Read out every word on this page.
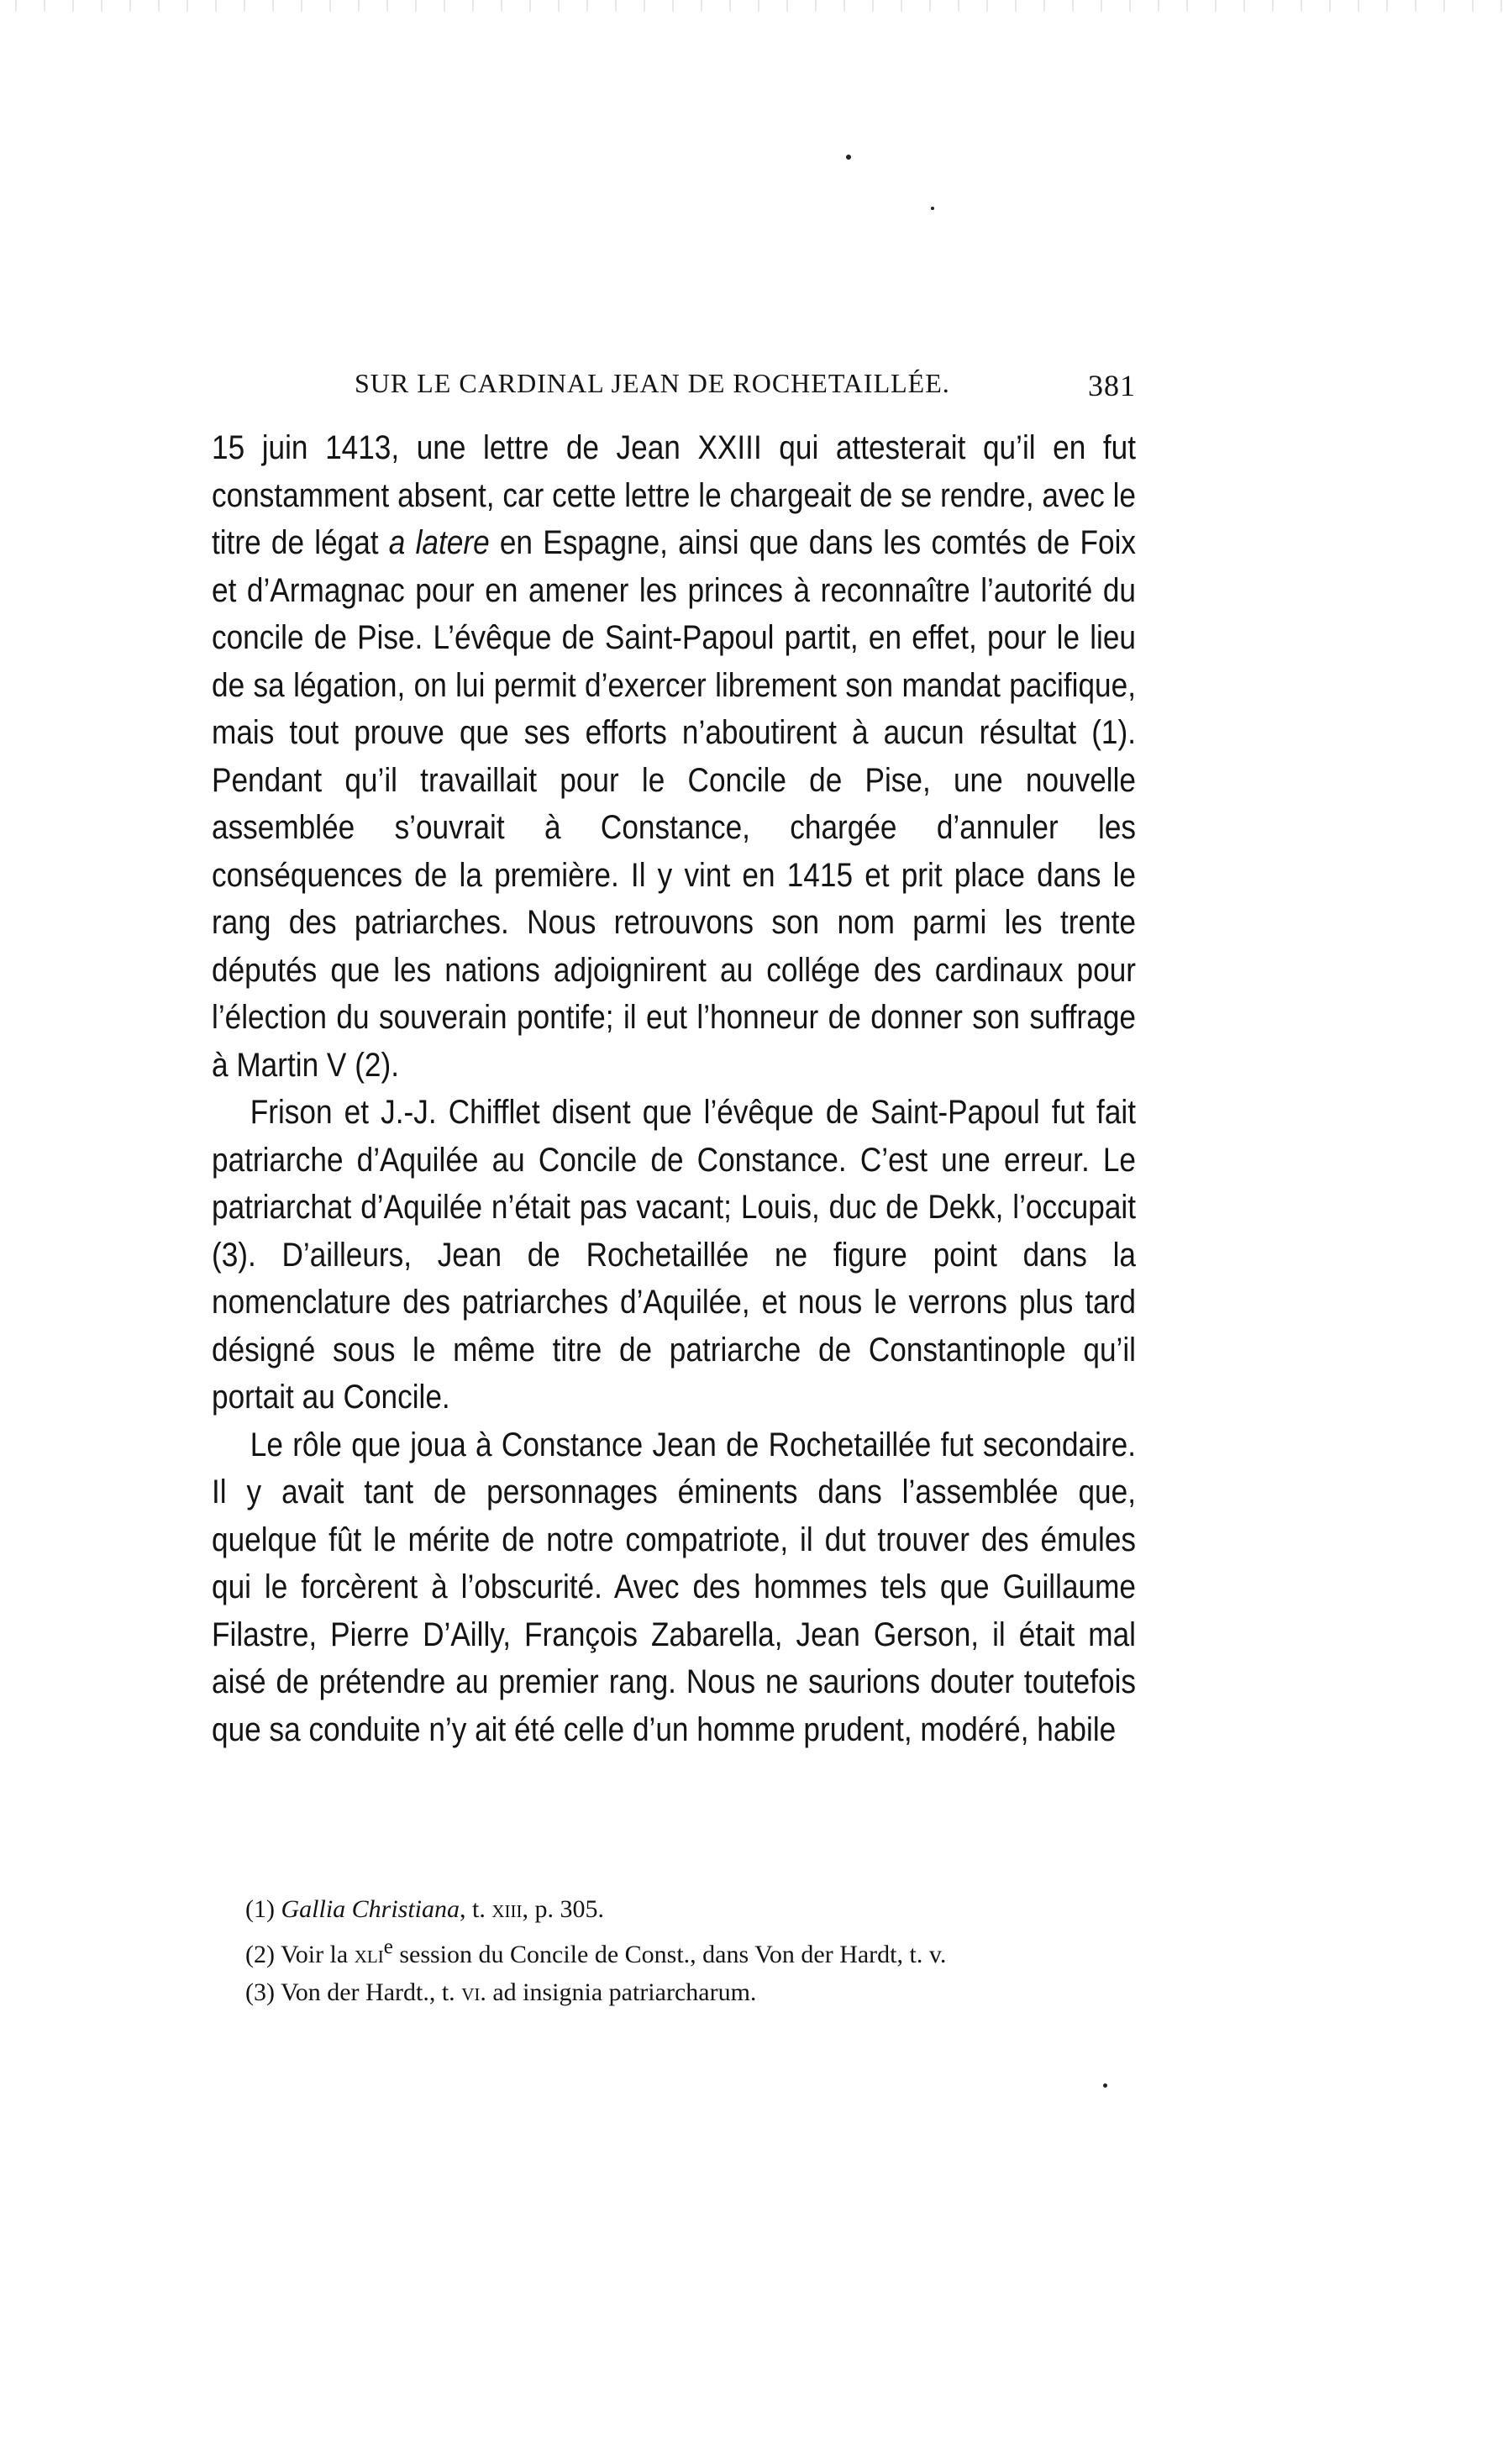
SUR LE CARDINAL JEAN DE ROCHETAILLÉE.	381

15 juin 1413, une lettre de Jean XXIII qui attesterait qu’il en fut constamment absent, car cette lettre le chargeait de se rendre, avec le titre de légat a latere en Espagne, ainsi que dans les comtés de Foix et d’Armagnac pour en amener les princes à reconnaître l’autorité du concile de Pise. L’évêque de Saint-Papoul partit, en effet, pour le lieu de sa légation, on lui permit d’exercer librement son mandat pacifique, mais tout prouve que ses efforts n’aboutirent à aucun résultat (1). Pendant qu’il travaillait pour le Concile de Pise, une nouvelle assemblée s’ouvrait à Constance, chargée d’annuler les conséquences de la première. Il y vint en 1415 et prit place dans le rang des patriarches. Nous retrouvons son nom parmi les trente députés que les nations adjoignirent au collége des cardinaux pour l’élection du souverain pontife; il eut l’honneur de donner son suffrage à Martin V (2).

Frison et J.-J. Chifflet disent que l’évêque de Saint-Papoul fut fait patriarche d’Aquilée au Concile de Constance. C’est une erreur. Le patriarchat d’Aquilée n’était pas vacant; Louis, duc de Dekk, l’occupait (3). D’ailleurs, Jean de Rochetaillée ne figure point dans la nomenclature des patriarches d’Aquilée, et nous le verrons plus tard désigné sous le même titre de patriarche de Constantinople qu’il portait au Concile.

Le rôle que joua à Constance Jean de Rochetaillée fut secondaire. Il y avait tant de personnages éminents dans l’assemblée que, quelque fût le mérite de notre compatriote, il dut trouver des émules qui le forcèrent à l’obscurité. Avec des hommes tels que Guillaume Filastre, Pierre D’Ailly, François Zabarella, Jean Gerson, il était mal aisé de prétendre au premier rang. Nous ne saurions douter toutefois que sa conduite n’y ait été celle d’un homme prudent, modéré, habile

(1) Gallia Christiana, t. xiii, p. 305.

(2) Voir la xli$^e$ session du Concile de Const., dans Von der Hardt, t. v.

(3) Von der Hardt., t. vi. ad insignia patriarcharum.
